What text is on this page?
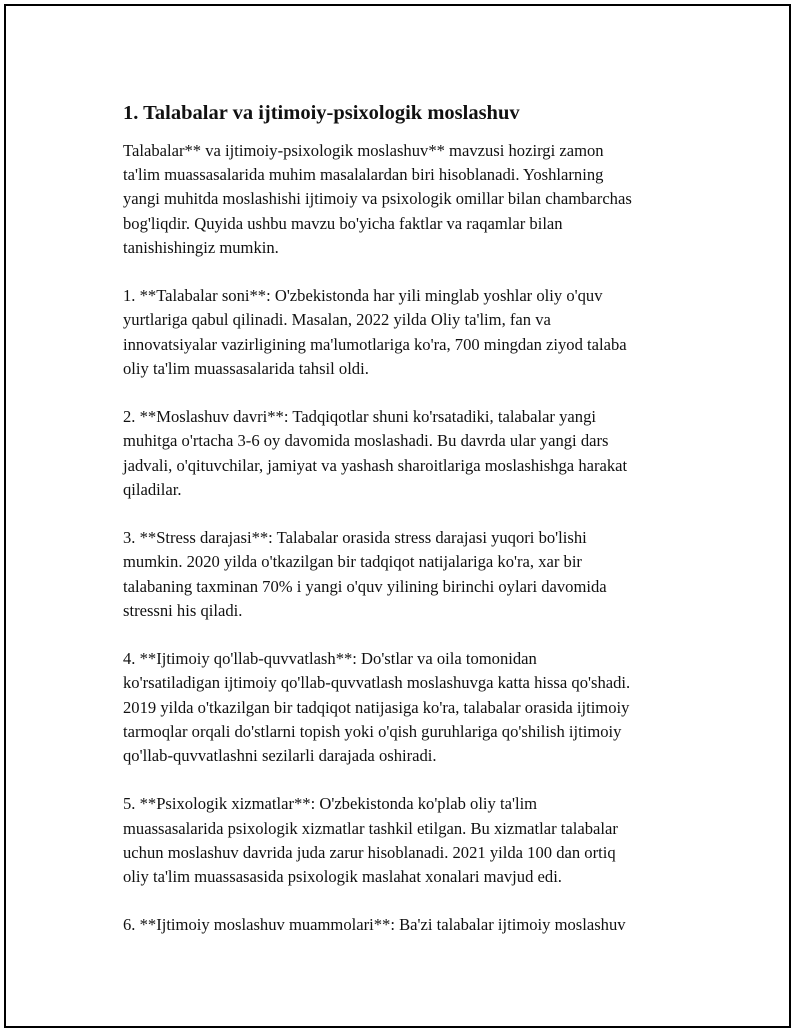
1. Talabalar va ijtimoiy-psixologik moslashuv

Talabalar** va ijtimoiy-psixologik moslashuv** mavzusi hozirgi zamon
ta'lim muassasalarida muhim masalalardan biri hisoblanadi. Yoshlarning
yangi muhitda moslashishi ijtimoiy va psixologik omillar bilan chambarchas
bog'liqdir. Quyida ushbu mavzu bo'yicha faktlar va raqamlar bilan
tanishishingiz mumkin.

1. **Talabalar soni**: O'zbekistonda har yili minglab yoshlar oliy o'quv
yurtlariga qabul qilinadi. Masalan, 2022 yilda Oliy ta'lim, fan va
innovatsiyalar vazirligining ma'lumotlariga ko'ra, 700 mingdan ziyod talaba
oliy ta'lim muassasalarida tahsil oldi.

2. **Moslashuv davri**: Tadqiqotlar shuni ko'rsatadiki, talabalar yangi
muhitga o'rtacha 3-6 oy davomida moslashadi. Bu davrda ular yangi dars
jadvali, o'qituvchilar, jamiyat va yashash sharoitlariga moslashishga harakat
qiladilar.

3. **Stress darajasi**: Talabalar orasida stress darajasi yuqori bo'lishi
mumkin. 2020 yilda o'tkazilgan bir tadqiqot natijalariga ko'ra, xar bir
talabaning taxminan 70% i yangi o'quv yilining birinchi oylari davomida
stressni his qiladi.

4. **Ijtimoiy qo'llab-quvvatlash**: Do'stlar va oila tomonidan
ko'rsatiladigan ijtimoiy qo'llab-quvvatlash moslashuvga katta hissa qo'shadi.
2019 yilda o'tkazilgan bir tadqiqot natijasiga ko'ra, talabalar orasida ijtimoiy
tarmoqlar orqali do'stlarni topish yoki o'qish guruhlariga qo'shilish ijtimoiy
qo'llab-quvvatlashni sezilarli darajada oshiradi.

5. **Psixologik xizmatlar**: O'zbekistonda ko'plab oliy ta'lim
muassasalarida psixologik xizmatlar tashkil etilgan. Bu xizmatlar talabalar
uchun moslashuv davrida juda zarur hisoblanadi. 2021 yilda 100 dan ortiq
oliy ta'lim muassasasida psixologik maslahat xonalari mavjud edi.

6. **Ijtimoiy moslashuv muammolari**: Ba'zi talabalar ijtimoiy moslashuv
